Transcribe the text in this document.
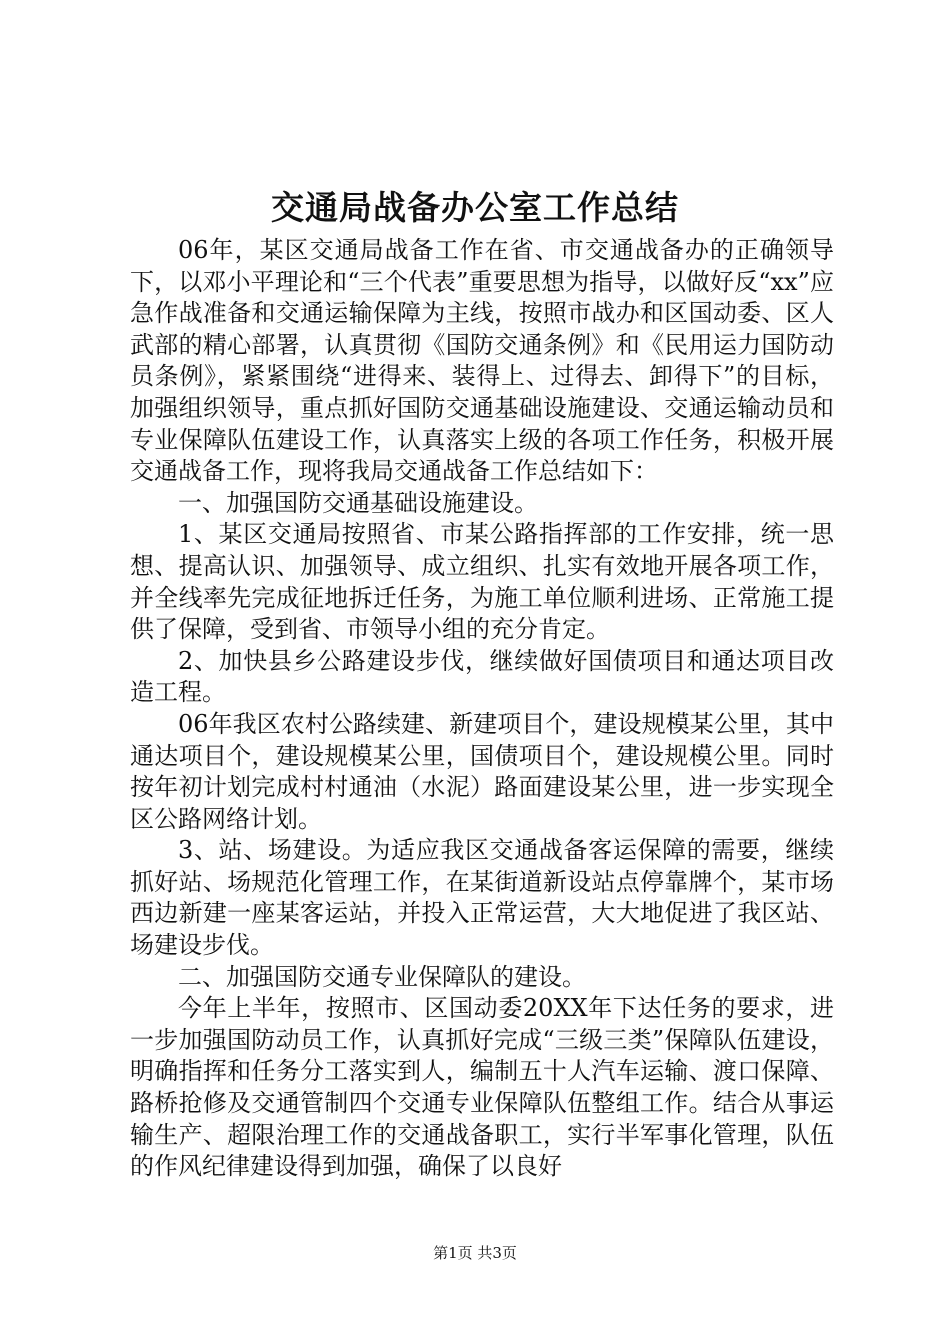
交通局战备办公室工作总结

06年，某区交通局战备工作在省、市交通战备办的正确领导下，以邓小平理论和“三个代表”重要思想为指导，以做好反“xx”应急作战准备和交通运输保障为主线，按照市战办和区国动委、区人武部的精心部署，认真贯彻《国防交通条例》和《民用运力国防动员条例》，紧紧围绕“进得来、装得上、过得去、卸得下”的目标，加强组织领导，重点抓好国防交通基础设施建设、交通运输动员和专业保障队伍建设工作，认真落实上级的各项工作任务，积极开展交通战备工作，现将我局交通战备工作总结如下：

一、加强国防交通基础设施建设。

1、某区交通局按照省、市某公路指挥部的工作安排，统一思想、提高认识、加强领导、成立组织、扎实有效地开展各项工作，并全线率先完成征地拆迁任务，为施工单位顺利进场、正常施工提供了保障，受到省、市领导小组的充分肯定。

2、加快县乡公路建设步伐，继续做好国债项目和通达项目改造工程。

06年我区农村公路续建、新建项目个，建设规模某公里，其中通达项目个，建设规模某公里，国债项目个，建设规模公里。同时按年初计划完成村村通油（水泥）路面建设某公里，进一步实现全区公路网络计划。

3、站、场建设。为适应我区交通战备客运保障的需要，继续抓好站、场规范化管理工作，在某街道新设站点停靠牌个，某市场西边新建一座某客运站，并投入正常运营，大大地促进了我区站、场建设步伐。

二、加强国防交通专业保障队的建设。

今年上半年，按照市、区国动委20XX年下达任务的要求，进一步加强国防动员工作，认真抓好完成“三级三类”保障队伍建设，明确指挥和任务分工落实到人，编制五十人汽车运输、渡口保障、路桥抢修及交通管制四个交通专业保障队伍整组工作。结合从事运输生产、超限治理工作的交通战备职工，实行半军事化管理，队伍的作风纪律建设得到加强，确保了以良好

第1页 共3页
